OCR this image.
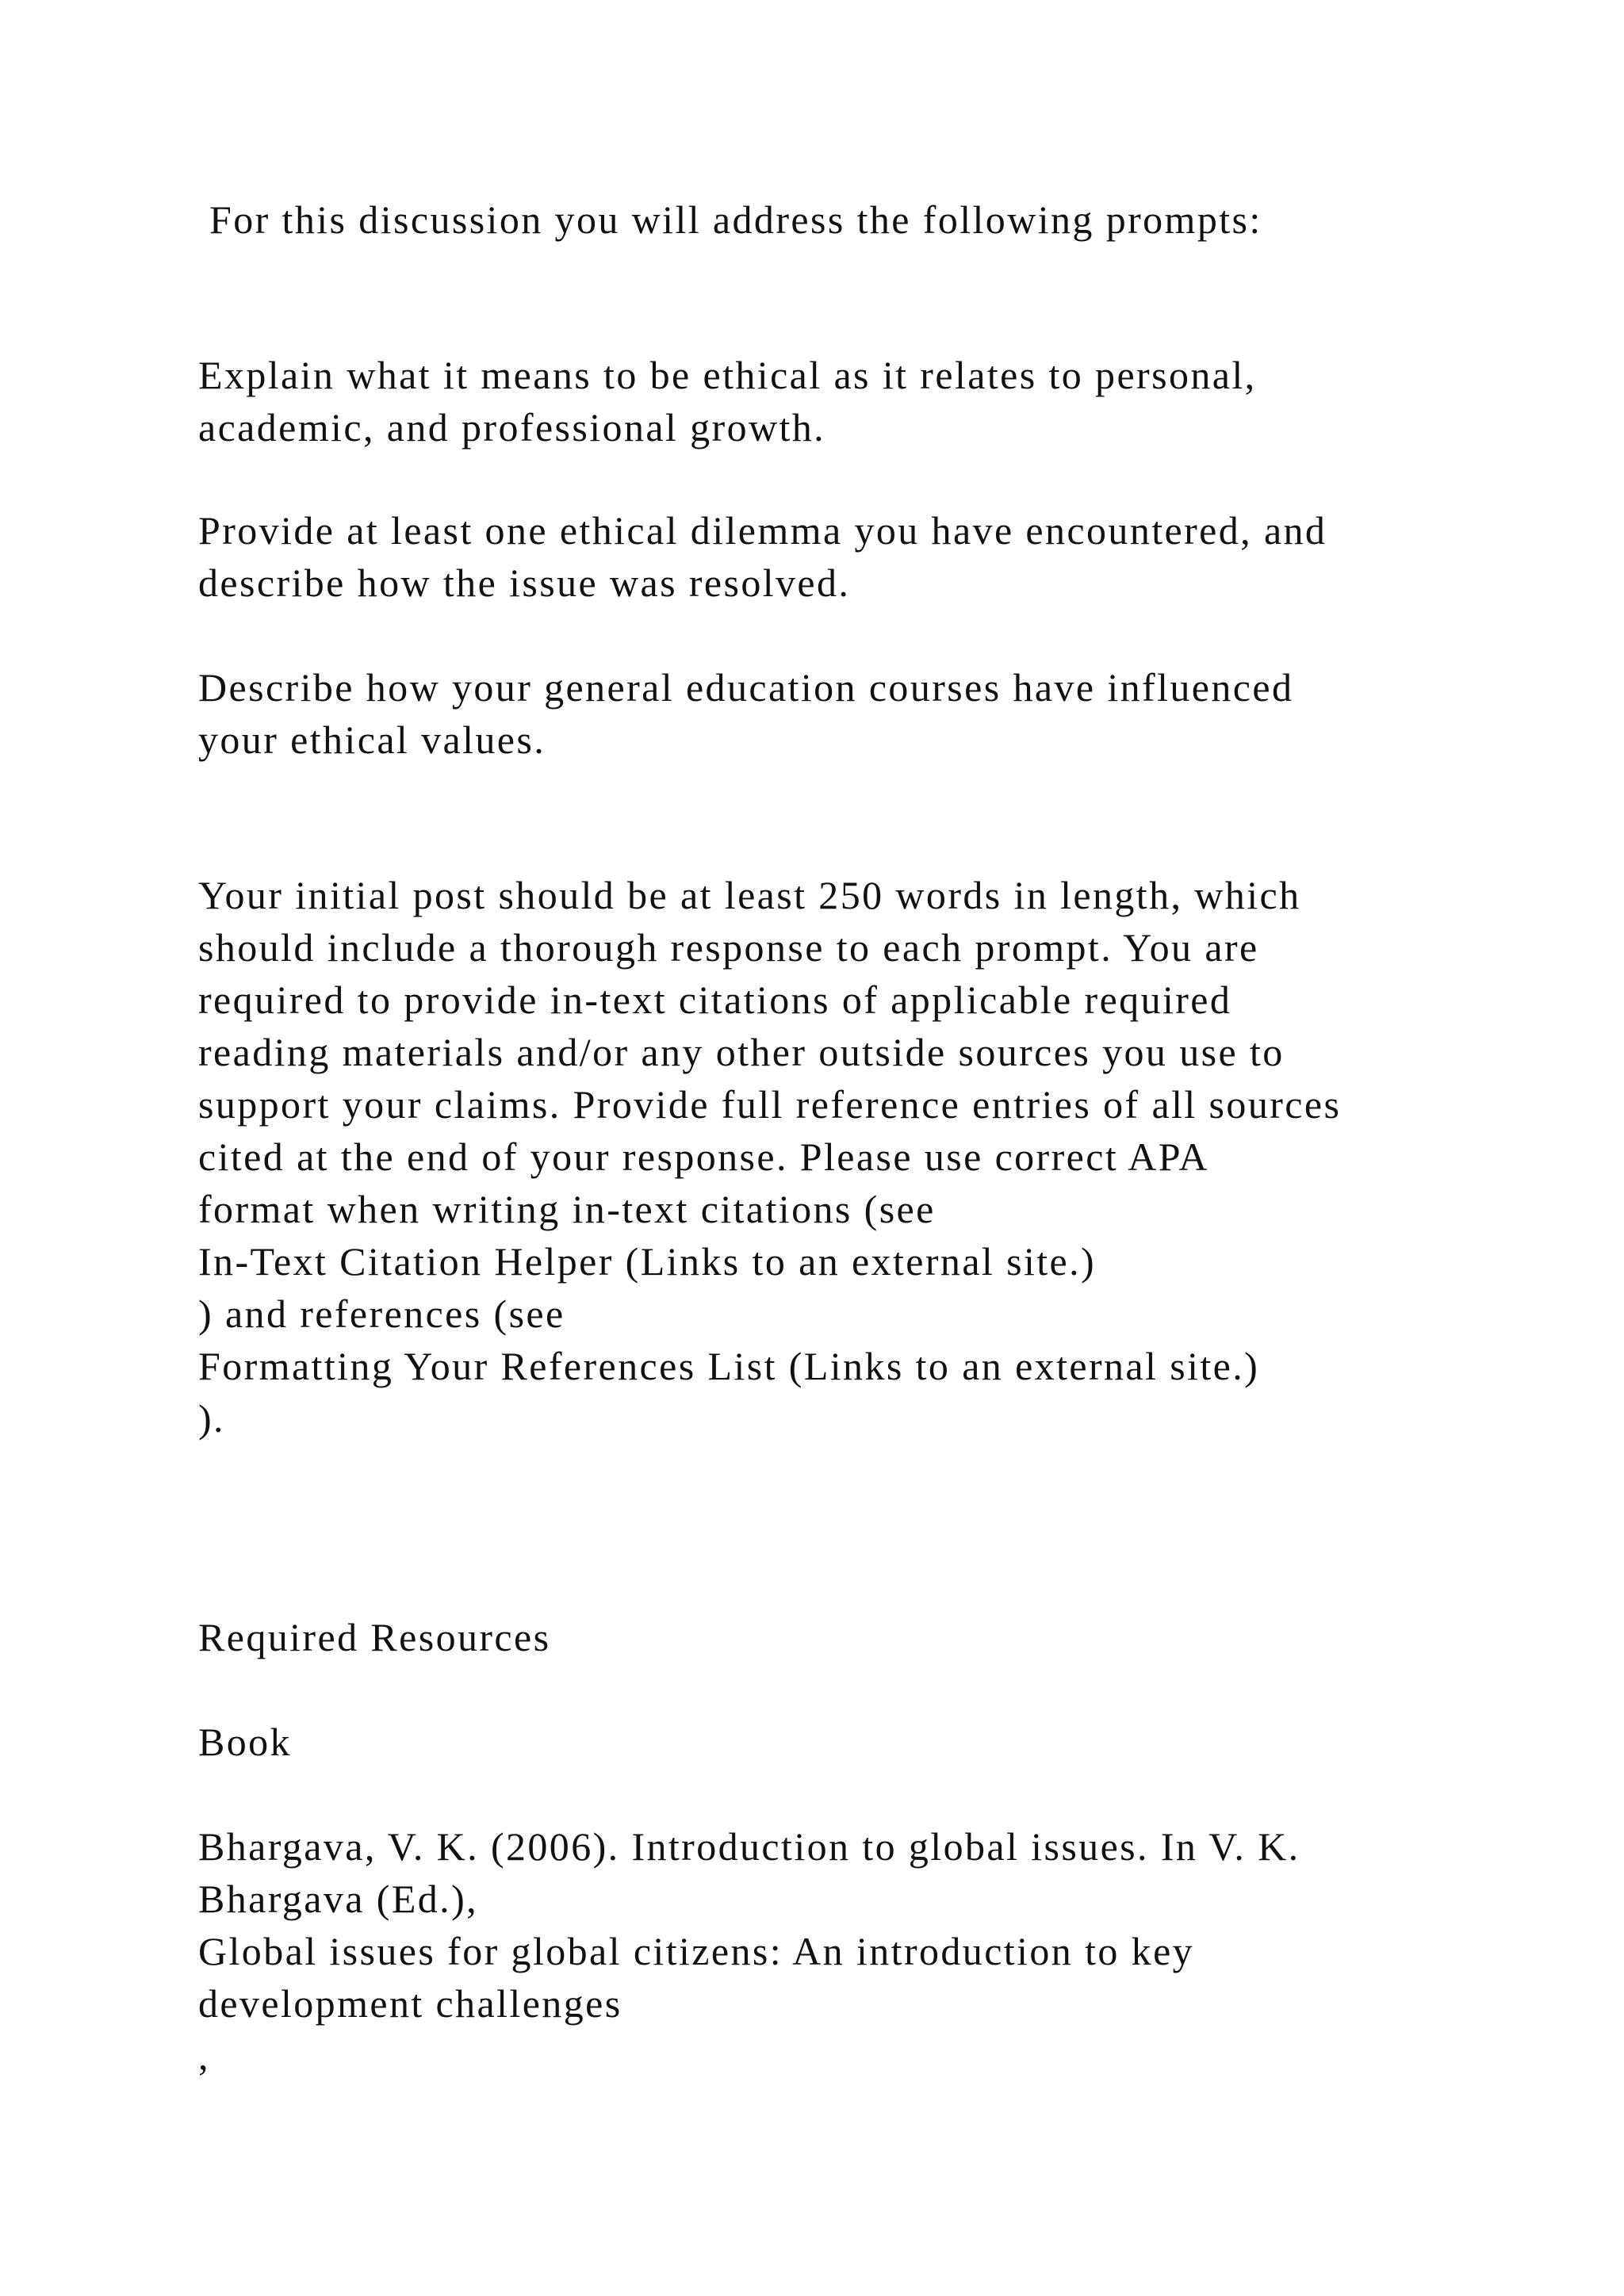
For this discussion you will address the following prompts:

Explain what it means to be ethical as it relates to personal,

academic, and professional growth.

Provide at least one ethical dilemma you have encountered, and

describe how the issue was resolved.

Describe how your general education courses have influenced

your ethical values.

Your initial post should be at least 250 words in length, which

should include a thorough response to each prompt. You are

required to provide in-text citations of applicable required

reading materials and/or any other outside sources you use to

support your claims. Provide full reference entries of all sources

cited at the end of your response. Please use correct APA

format when writing in-text citations (see

In-Text Citation Helper (Links to an external site.)

) and references (see

Formatting Your References List (Links to an external site.)

).

Required Resources

Book

Bhargava, V. K. (2006). Introduction to global issues. In V. K.

Bhargava (Ed.),

Global issues for global citizens: An introduction to key

development challenges

,
